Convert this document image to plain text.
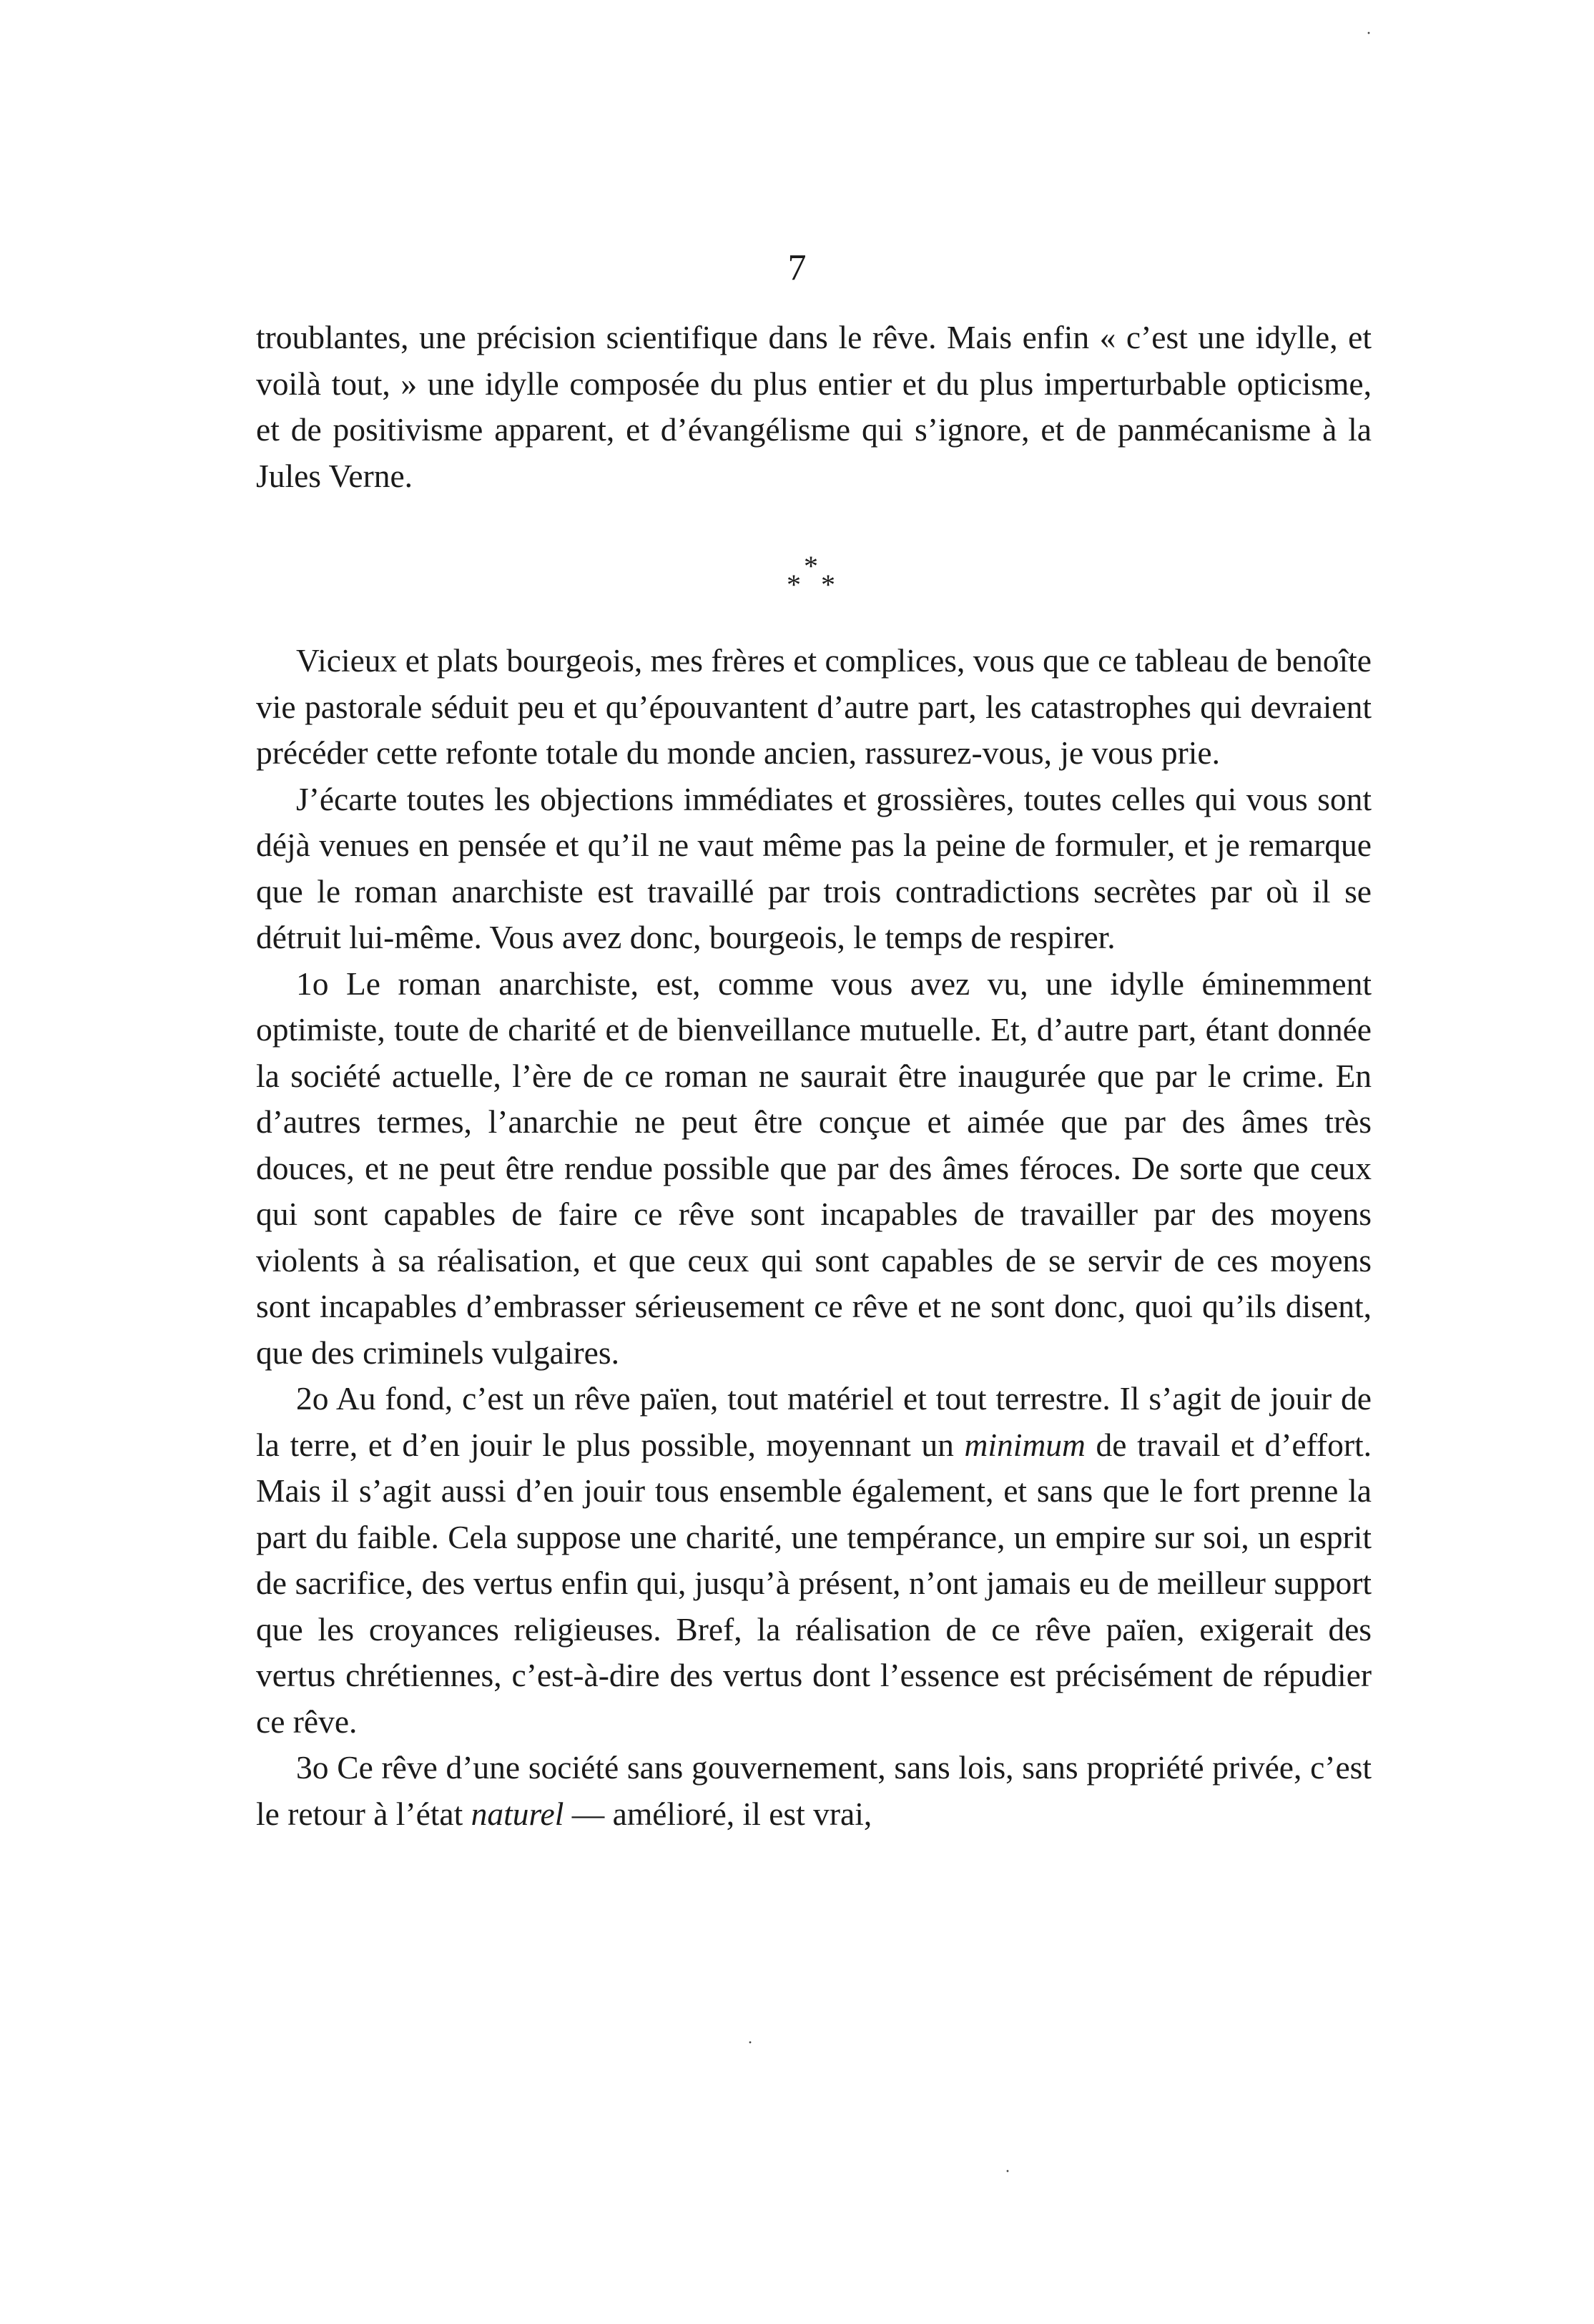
·
7

troublantes, une précision scientifique dans le rêve. Mais enfin « c’est une idylle, et voilà tout, » une idylle composée du plus entier et du plus imperturbable opticisme, et de positivisme apparent, et d’évangélisme qui s’ignore, et de panmécanisme à la Jules Verne.

*
* *

Vicieux et plats bourgeois, mes frères et complices, vous que ce tableau de benoîte vie pastorale séduit peu et qu’épouvantent d’autre part, les catastrophes qui devraient précéder cette refonte totale du monde ancien, rassurez-vous, je vous prie.

J’écarte toutes les objections immédiates et grossières, toutes celles qui vous sont déjà venues en pensée et qu’il ne vaut même pas la peine de formuler, et je remarque que le roman anarchiste est travaillé par trois contradictions secrètes par où il se détruit lui-même. Vous avez donc, bourgeois, le temps de respirer.

1o Le roman anarchiste, est, comme vous avez vu, une idylle éminemment optimiste, toute de charité et de bienveillance mutuelle. Et, d’autre part, étant donnée la société actuelle, l’ère de ce roman ne saurait être inaugurée que par le crime. En d’autres termes, l’anarchie ne peut être conçue et aimée que par des âmes très douces, et ne peut être rendue possible que par des âmes féroces. De sorte que ceux qui sont capables de faire ce rêve sont incapables de travailler par des moyens violents à sa réalisation, et que ceux qui sont capables de se servir de ces moyens sont incapables d’embrasser sérieusement ce rêve et ne sont donc, quoi qu’ils disent, que des criminels vulgaires.

2o Au fond, c’est un rêve païen, tout matériel et tout terrestre. Il s’agit de jouir de la terre, et d’en jouir le plus possible, moyennant un minimum de travail et d’effort. Mais il s’agit aussi d’en jouir tous ensemble également, et sans que le fort prenne la part du faible. Cela suppose une charité, une tempérance, un empire sur soi, un esprit de sacrifice, des vertus enfin qui, jusqu’à présent, n’ont jamais eu de meilleur support que les croyances religieuses. Bref, la réalisation de ce rêve païen, exigerait des vertus chrétiennes, c’est-à-dire des vertus dont l’essence est précisément de répudier ce rêve.

3o Ce rêve d’une société sans gouvernement, sans lois, sans propriété privée, c’est le retour à l’état naturel — amélioré, il est vrai,

·
·
